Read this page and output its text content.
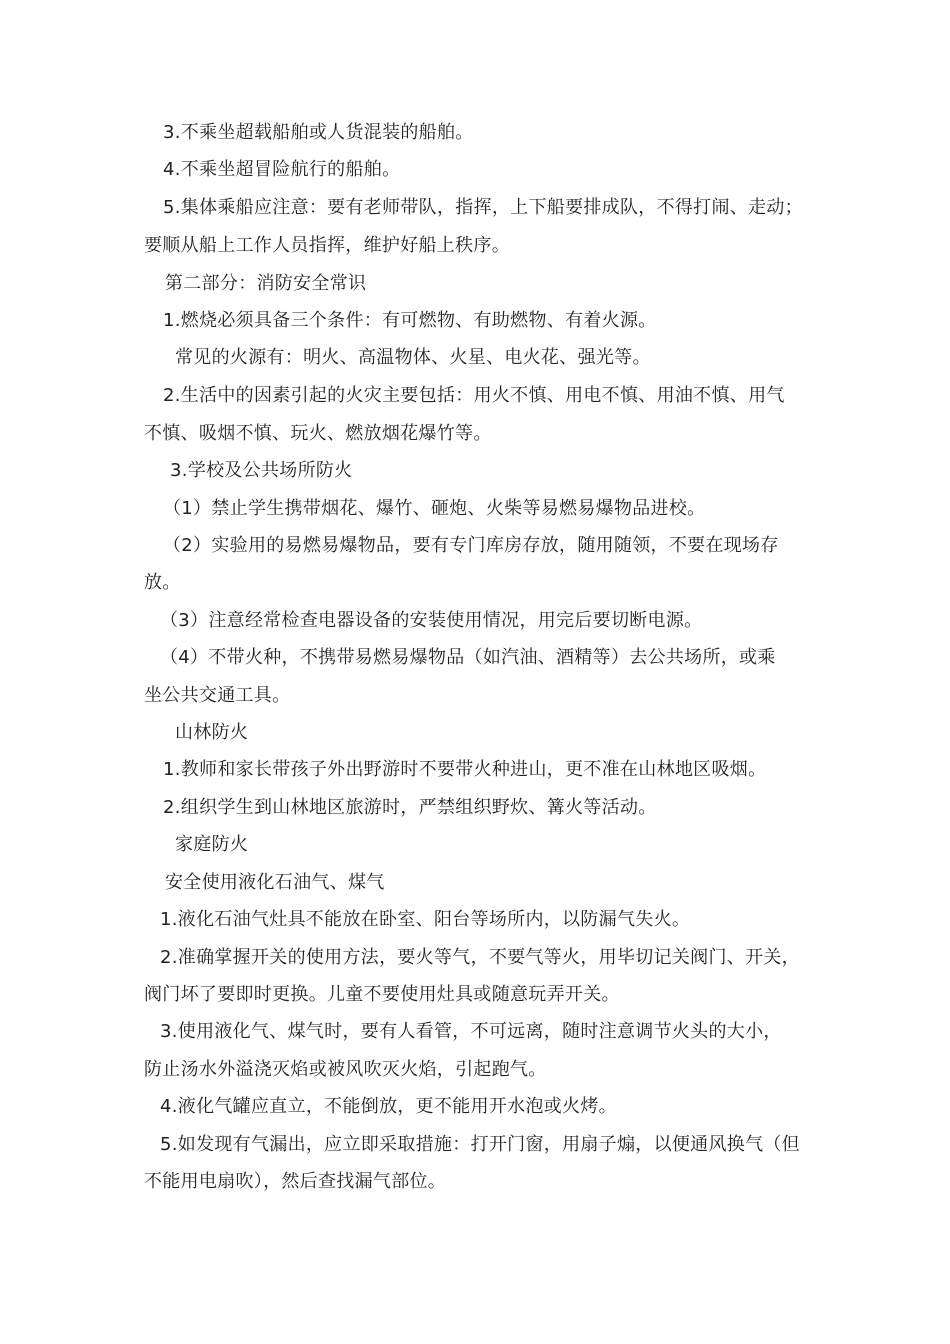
3.不乘坐超载船舶或人货混装的船舶。
4.不乘坐超冒险航行的船舶。
5.集体乘船应注意：要有老师带队，指挥，上下船要排成队，不得打闹、走动；
要顺从船上工作人员指挥，维护好船上秩序。
第二部分：消防安全常识
1.燃烧必须具备三个条件：有可燃物、有助燃物、有着火源。
常见的火源有：明火、高温物体、火星、电火花、强光等。
2.生活中的因素引起的火灾主要包括：用火不慎、用电不慎、用油不慎、用气
不慎、吸烟不慎、玩火、燃放烟花爆竹等。
3.学校及公共场所防火
（1）禁止学生携带烟花、爆竹、砸炮、火柴等易燃易爆物品进校。
（2）实验用的易燃易爆物品，要有专门库房存放，随用随领，不要在现场存
放。
（3）注意经常检查电器设备的安装使用情况，用完后要切断电源。
（4）不带火种，不携带易燃易爆物品（如汽油、酒精等）去公共场所，或乘
坐公共交通工具。
山林防火
1.教师和家长带孩子外出野游时不要带火种进山，更不准在山林地区吸烟。
2.组织学生到山林地区旅游时，严禁组织野炊、篝火等活动。
家庭防火
安全使用液化石油气、煤气
1.液化石油气灶具不能放在卧室、阳台等场所内，以防漏气失火。
2.准确掌握开关的使用方法，要火等气，不要气等火，用毕切记关阀门、开关，
阀门坏了要即时更换。儿童不要使用灶具或随意玩弄开关。
3.使用液化气、煤气时，要有人看管，不可远离，随时注意调节火头的大小，
防止汤水外溢浇灭焰或被风吹灭火焰，引起跑气。
4.液化气罐应直立，不能倒放，更不能用开水泡或火烤。
5.如发现有气漏出，应立即采取措施：打开门窗，用扇子煽，以便通风换气（但
不能用电扇吹），然后查找漏气部位。
